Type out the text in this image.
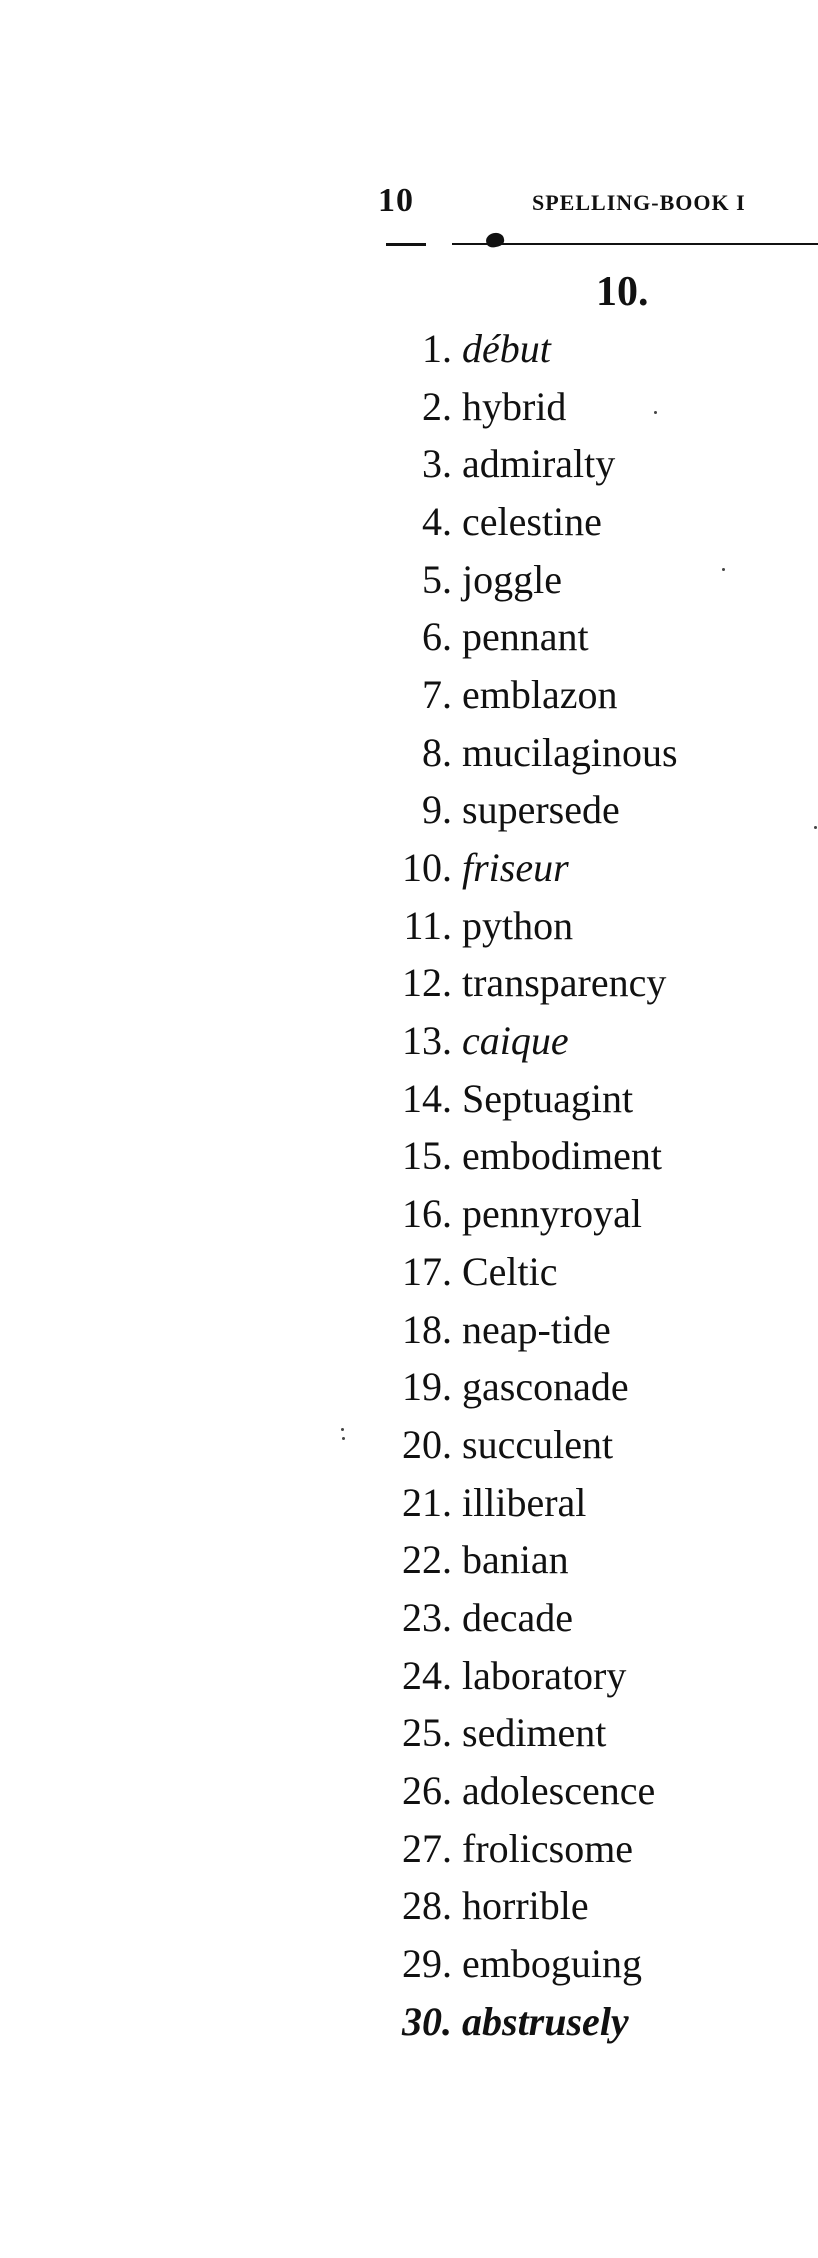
10	SPELLING-BOOK I
10.
1. début
2. hybrid
3. admiralty
4. celestine
5. joggle
6. pennant
7. emblazon
8. mucilaginous
9. supersede
10. friseur
11. python
12. transparency
13. caique
14. Septuagint
15. embodiment
16. pennyroyal
17. Celtic
18. neap-tide
19. gasconade
20. succulent
21. illiberal
22. banian
23. decade
24. laboratory
25. sediment
26. adolescence
27. frolicsome
28. horrible
29. emboguing
30. abstrusely
